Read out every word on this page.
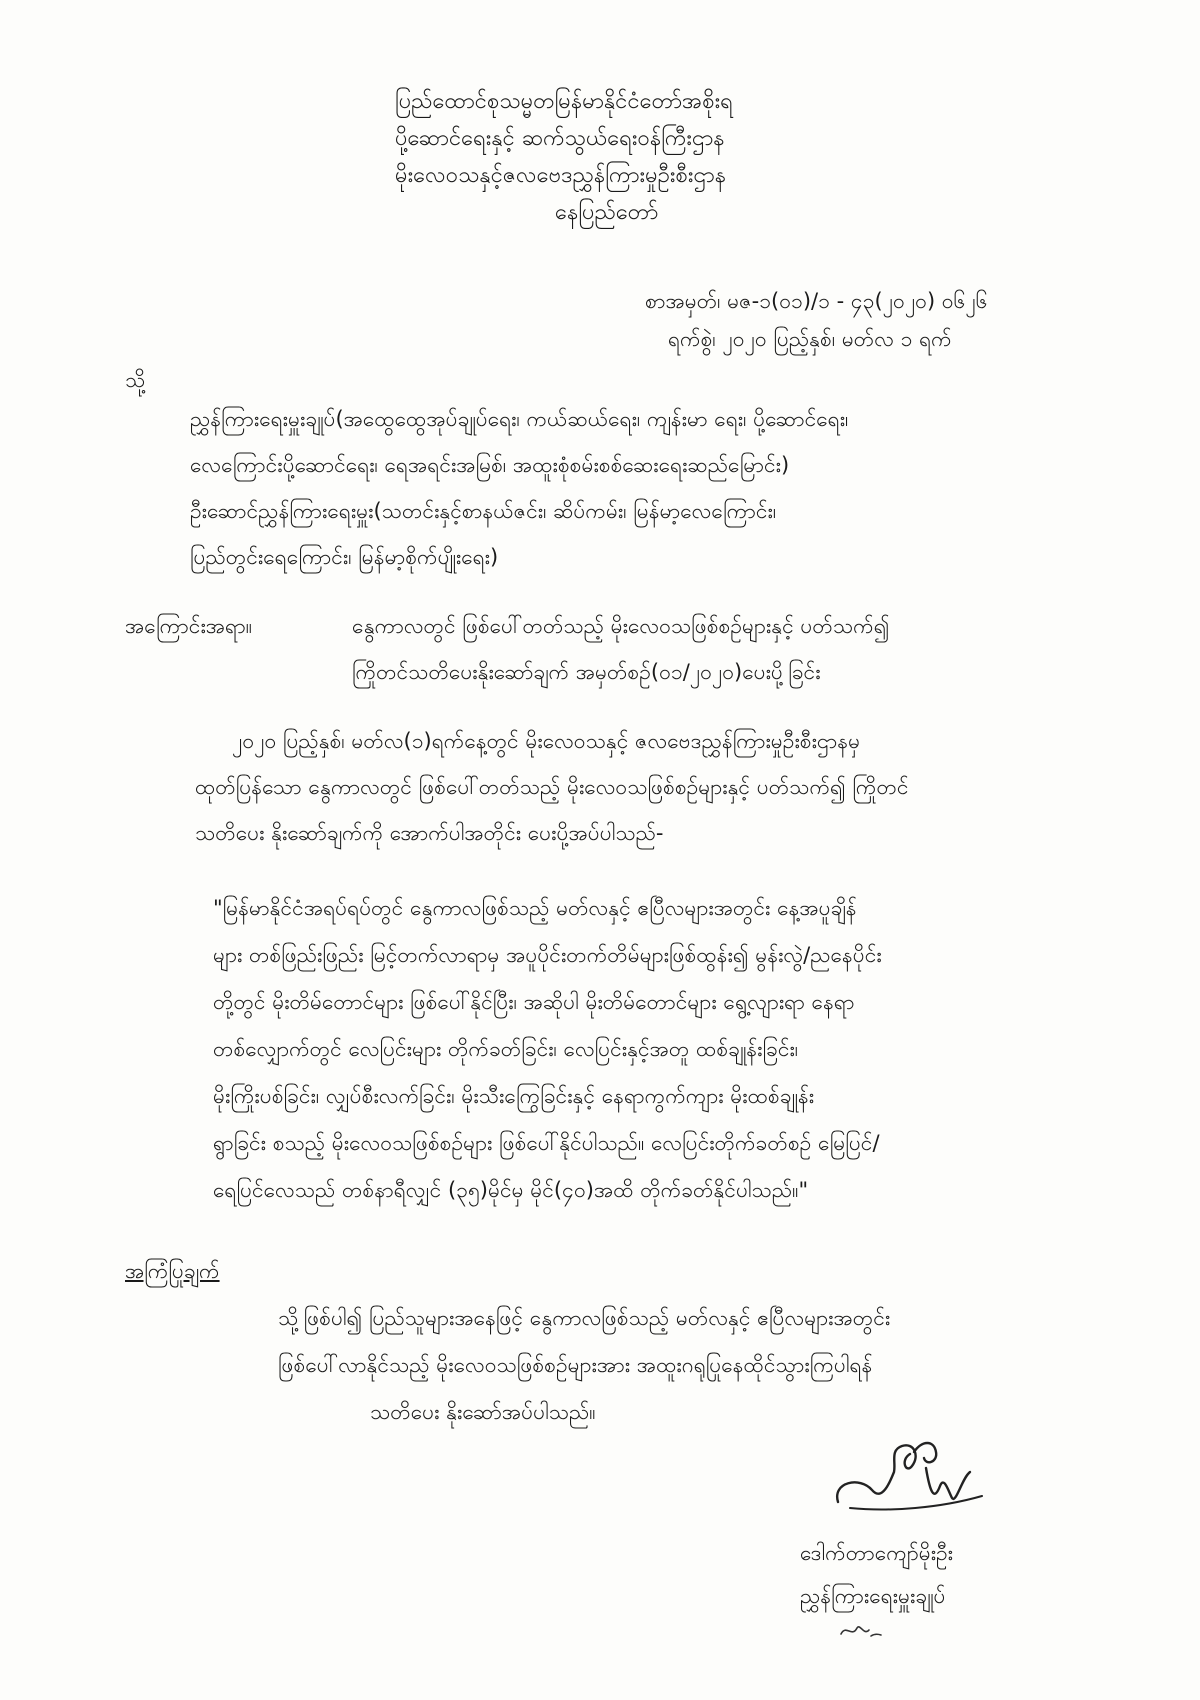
ပြည်ထောင်စုသမ္မတမြန်မာနိုင်ငံတော်အစိုးရ
ပို့ဆောင်ရေးနှင့် ဆက်သွယ်ရေးဝန်ကြီးဌာန
မိုးလေဝသနှင့်ဇလဗေဒညွှန်ကြားမှုဦးစီးဌာန
နေပြည်တော်
စာအမှတ်၊ မဇ-၁(၀၁)/၁ - ၄၃(၂၀၂၀) ဝ၆၂၆
ရက်စွဲ၊ ၂၀၂၀ ပြည့်နှစ်၊ မတ်လ ၁ ရက်
သို့
ညွှန်ကြားရေးမှူးချုပ်(အထွေထွေအုပ်ချုပ်ရေး၊ ကယ်ဆယ်ရေး၊ ကျန်းမာ ရေး၊ ပို့ဆောင်ရေး၊
လေကြောင်းပို့ဆောင်ရေး၊ ရေအရင်းအမြစ်၊ အထူးစုံစမ်းစစ်ဆေးရေးဆည်မြောင်း)
ဦးဆောင်ညွှန်ကြားရေးမှူး(သတင်းနှင့်စာနယ်ဇင်း၊ ဆိပ်ကမ်း၊ မြန်မာ့လေကြောင်း၊
ပြည်တွင်းရေကြောင်း၊ မြန်မာ့စိုက်ပျိုးရေး)
အကြောင်းအရာ။	နွေကာလတွင် ဖြစ်ပေါ်တတ်သည့် မိုးလေဝသဖြစ်စဉ်များနှင့် ပတ်သက်၍
ကြိုတင်သတိပေးနိုးဆော်ချက် အမှတ်စဉ်(၀၁/၂၀၂၀)ပေးပို့ခြင်း
၂၀၂၀ ပြည့်နှစ်၊ မတ်လ(၁)ရက်နေ့တွင် မိုးလေဝသနှင့် ဇလဗေဒညွှန်ကြားမှုဦးစီးဌာနမှ
ထုတ်ပြန်သော နွေကာလတွင် ဖြစ်ပေါ်တတ်သည့် မိုးလေဝသဖြစ်စဉ်များနှင့် ပတ်သက်၍ ကြိုတင်
သတိပေး နိုးဆော်ချက်ကို အောက်ပါအတိုင်း ပေးပို့အပ်ပါသည်-
"မြန်မာနိုင်ငံအရပ်ရပ်တွင် နွေကာလဖြစ်သည့် မတ်လနှင့် ဧပြီလများအတွင်း နေ့အပူချိန်
များ တစ်ဖြည်းဖြည်း မြင့်တက်လာရာမှ အပူပိုင်းတက်တိမ်များဖြစ်ထွန်း၍ မွန်းလွဲ/ညနေပိုင်း
တို့တွင် မိုးတိမ်တောင်များ ဖြစ်ပေါ်နိုင်ပြီး၊ အဆိုပါ မိုးတိမ်တောင်များ ရွေ့လျားရာ နေရာ
တစ်လျှောက်တွင် လေပြင်းများ တိုက်ခတ်ခြင်း၊ လေပြင်းနှင့်အတူ ထစ်ချုန်းခြင်း၊
မိုးကြိုးပစ်ခြင်း၊ လျှပ်စီးလက်ခြင်း၊ မိုးသီးကြွေခြင်းနှင့် နေရာကွက်ကျား မိုးထစ်ချုန်း
ရွာခြင်း စသည့် မိုးလေဝသဖြစ်စဉ်များ ဖြစ်ပေါ်နိုင်ပါသည်။ လေပြင်းတိုက်ခတ်စဉ် မြေပြင်/
ရေပြင်လေသည် တစ်နာရီလျှင် (၃၅)မိုင်မှ မိုင်(၄၀)အထိ တိုက်ခတ်နိုင်ပါသည်။"
အကြံပြုချက်
သို့ဖြစ်ပါ၍ ပြည်သူများအနေဖြင့် နွေကာလဖြစ်သည့် မတ်လနှင့် ဧပြီလများအတွင်း
ဖြစ်ပေါ်လာနိုင်သည့် မိုးလေဝသဖြစ်စဉ်များအား အထူးဂရုပြုနေထိုင်သွားကြပါရန်
သတိပေး နိုးဆော်အပ်ပါသည်။
ဒေါက်တာကျော်မိုးဦး
ညွှန်ကြားရေးမှူးချုပ်
